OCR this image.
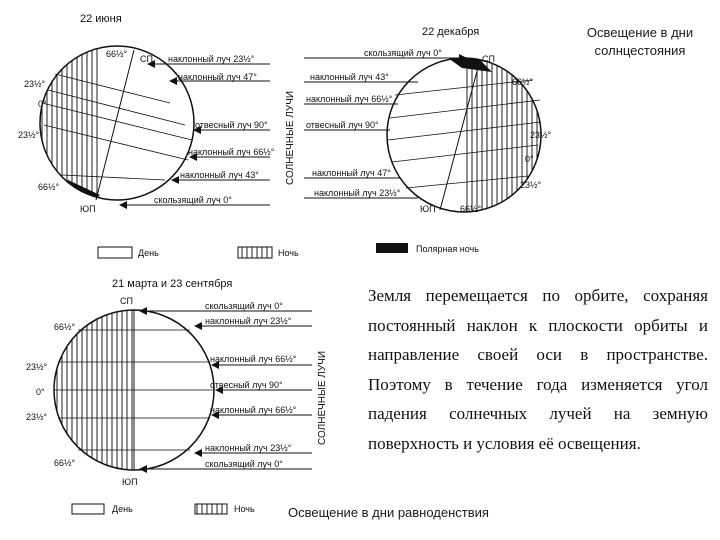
22 июня
наклонный луч 23½°
наклонный луч 47°
отвесный луч 90°
наклонный луч 66½°
наклонный луч 43°
скользящий луч 0°
СП
ЮП
66½°
23½°
0°
23½°
66½°
СОЛНЕЧНЫЕ ЛУЧИ
22 декабря
скользящий луч 0°
наклонный луч 43°
наклонный луч 66½°
отвесный луч 90°
наклонный луч 47°
наклонный луч 23½°
СП
ЮП
66½°
23½°
0°
23½°
66½°
День	Ночь	Полярная ночь
21 марта и 23 сентября
скользящий луч 0°
наклонный луч 23½°
наклонный луч 66½°
отвесный луч 90°
наклонный луч 66½°
наклонный луч 23½°
скользящий луч 0°
СП
ЮП
66½°
23½°
0°
23½°
66½°
СОЛНЕЧНЫЕ ЛУЧИ
День	Ночь
Освещение в дни солнцестояния
Земля перемещается по орбите, сохраняя постоянный наклон к плоскости орбиты и направление своей оси в пространстве. Поэтому в течение года изменяется угол падения солнечных лучей на земную поверхность и условия её освещения.
Освещение в дни равноденствия
